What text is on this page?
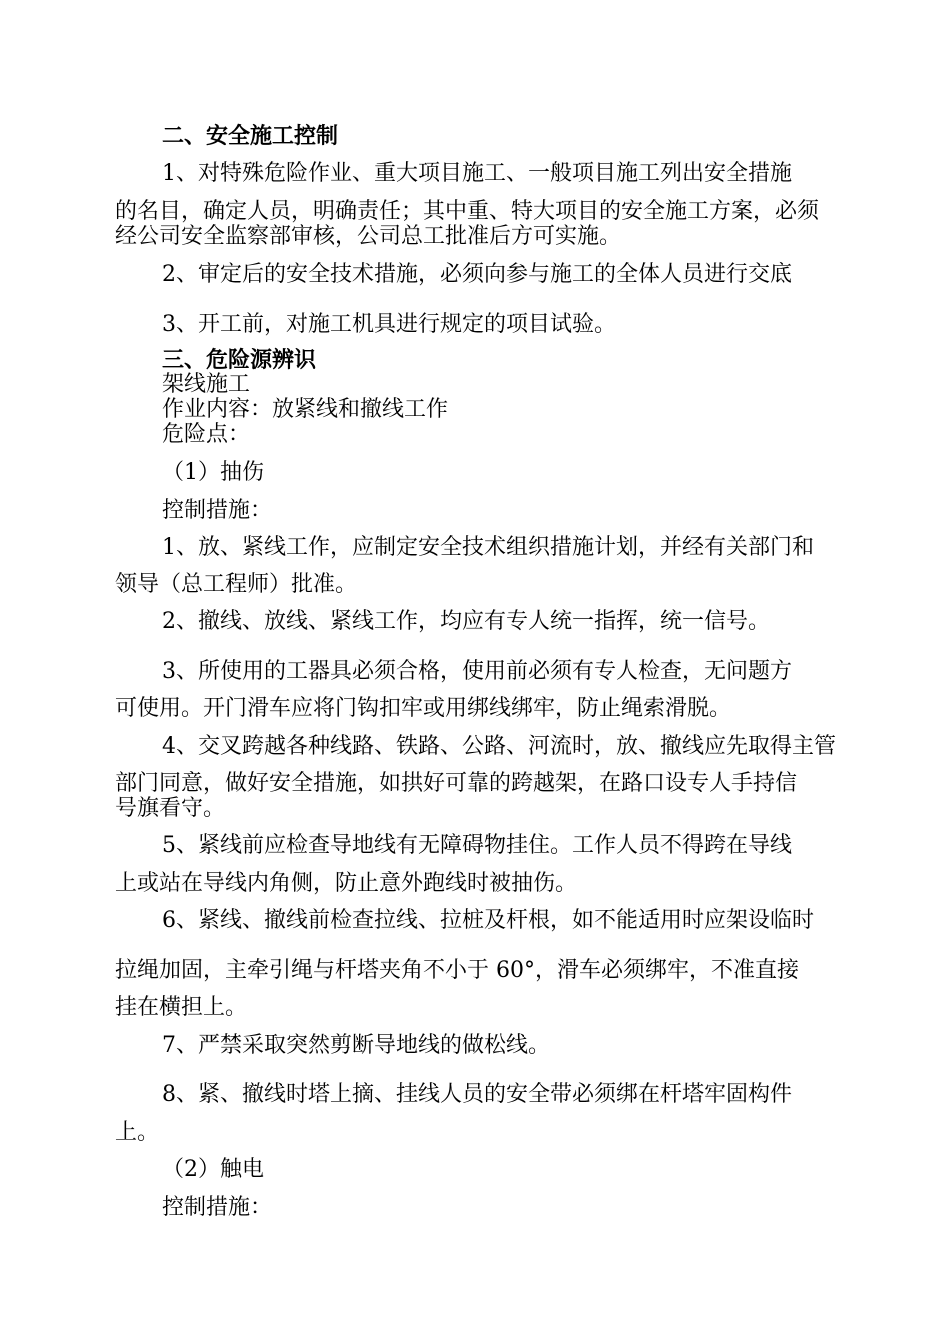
二、安全施工控制
1、对特殊危险作业、重大项目施工、一般项目施工列出安全措施
的名目，确定人员，明确责任；其中重、特大项目的安全施工方案，必须
经公司安全监察部审核，公司总工批准后方可实施。
2、审定后的安全技术措施，必须向参与施工的全体人员进行交底
3、开工前，对施工机具进行规定的项目试验。
三、危险源辨识
架线施工
作业内容：放紧线和撤线工作
危险点：
（1）抽伤
控制措施：
1、放、紧线工作，应制定安全技术组织措施计划，并经有关部门和
领导（总工程师）批准。
2、撤线、放线、紧线工作，均应有专人统一指挥，统一信号。
3、所使用的工器具必须合格，使用前必须有专人检查，无问题方
可使用。开门滑车应将门钩扣牢或用绑线绑牢，防止绳索滑脱。
4、交叉跨越各种线路、铁路、公路、河流时，放、撤线应先取得主管
部门同意，做好安全措施，如拱好可靠的跨越架，在路口设专人手持信
号旗看守。
5、紧线前应检查导地线有无障碍物挂住。工作人员不得跨在导线
上或站在导线内角侧，防止意外跑线时被抽伤。
6、紧线、撤线前检查拉线、拉桩及杆根，如不能适用时应架设临时
拉绳加固，主牵引绳与杆塔夹角不小于 60°，滑车必须绑牢，不准直接
挂在横担上。
7、严禁采取突然剪断导地线的做松线。
8、紧、撤线时塔上摘、挂线人员的安全带必须绑在杆塔牢固构件
上。
（2）触电
控制措施：
